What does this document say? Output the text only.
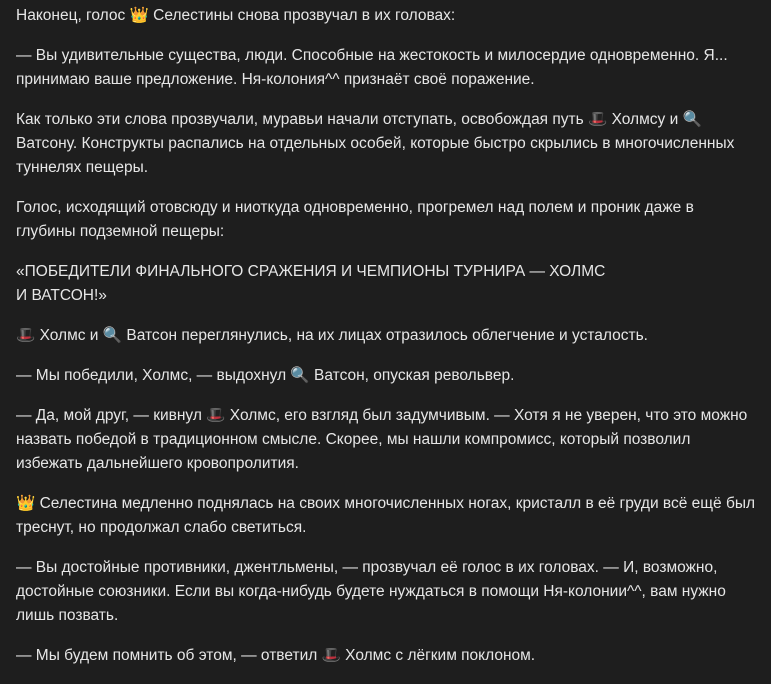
Наконец, голос 👑 Селестины снова прозвучал в их головах:

— Вы удивительные существа, люди. Способные на жестокость и милосердие одновременно. Я... принимаю ваше предложение. Ня-колония^^ признаёт своё поражение.

Как только эти слова прозвучали, муравьи начали отступать, освобождая путь 🎩 Холмсу и 🔍 Ватсону. Конструкты распались на отдельных особей, которые быстро скрылись в многочисленных туннелях пещеры.

Голос, исходящий отовсюду и ниоткуда одновременно, прогремел над полем и проник даже в глубины подземной пещеры:

«ПОБЕДИТЕЛИ ФИНАЛЬНОГО СРАЖЕНИЯ И ЧЕМПИОНЫ ТУРНИРА — ХОЛМС
И ВАТСОН!»

🎩 Холмс и 🔍 Ватсон переглянулись, на их лицах отразилось облегчение и усталость.

— Мы победили, Холмс, — выдохнул 🔍 Ватсон, опуская револьвер.

— Да, мой друг, — кивнул 🎩 Холмс, его взгляд был задумчивым. — Хотя я не уверен, что это можно назвать победой в традиционном смысле. Скорее, мы нашли компромисс, который позволил избежать дальнейшего кровопролития.

👑 Селестина медленно поднялась на своих многочисленных ногах, кристалл в её груди всё ещё был треснут, но продолжал слабо светиться.

— Вы достойные противники, джентльмены, — прозвучал её голос в их головах. — И, возможно, достойные союзники. Если вы когда-нибудь будете нуждаться в помощи Ня-колонии^^, вам нужно лишь позвать.

— Мы будем помнить об этом, — ответил 🎩 Холмс с лёгким поклоном.
